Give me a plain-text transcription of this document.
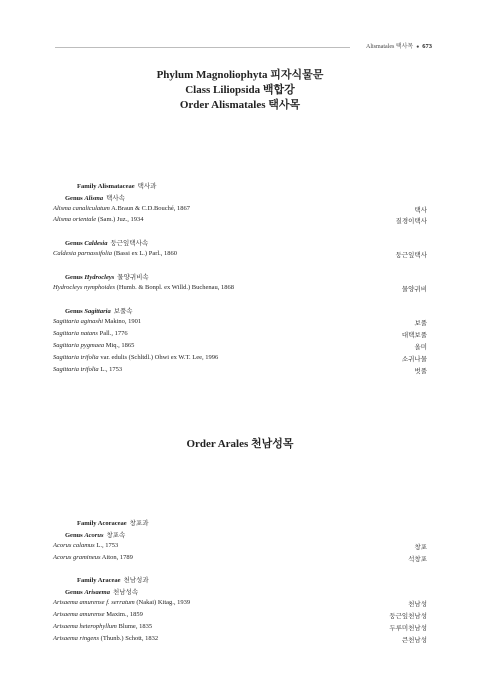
Alismatales 택사목 ● 673
Phylum Magnoliophyta 피자식물문
Class Liliopsida 백합강
Order Alismatales 택사목
Family Alismataceae 택사과
Genus Alisma 택사속
Alisma canaliculatum A.Braun & C.D.Bouché, 1867	택사
Alisma orientale (Sam.) Juz., 1934	질경이택사
Genus Caldesia 둥근잎택사속
Caldesia parnassifolia (Bassi ex L.) Parl., 1860	둥근잎택사
Genus Hydrocleys 물양귀비속
Hydrocleys nymphoides (Humb. & Bonpl. ex Willd.) Buchenau, 1868	물양귀비
Genus Sagittaria 보풀속
Sagittaria aginashi Makino, 1901	보풀
Sagittaria natans Pall., 1776	대택보풀
Sagittaria pygmaea Miq., 1865	올미
Sagittaria trifolia var. edulis (Schltdl.) Ohwi ex W.T. Lee, 1996	소귀나물
Sagittaria trifolia L., 1753	벗풀
Order Arales 천남성목
Family Acoraceae 창포과
Genus Acorus 창포속
Acorus calamus L., 1753	창포
Acorus gramineus Aiton, 1789	석창포
Family Araceae 천남성과
Genus Arisaema 천남성속
Arisaema amurense f. serratum (Nakai) Kitag., 1939	천남성
Arisaema amurense Maxim., 1859	둥근잎천남성
Arisaema heterophyllum Blume, 1835	두루미천남성
Arisaema ringens (Thunb.) Schott, 1832	큰천남성
